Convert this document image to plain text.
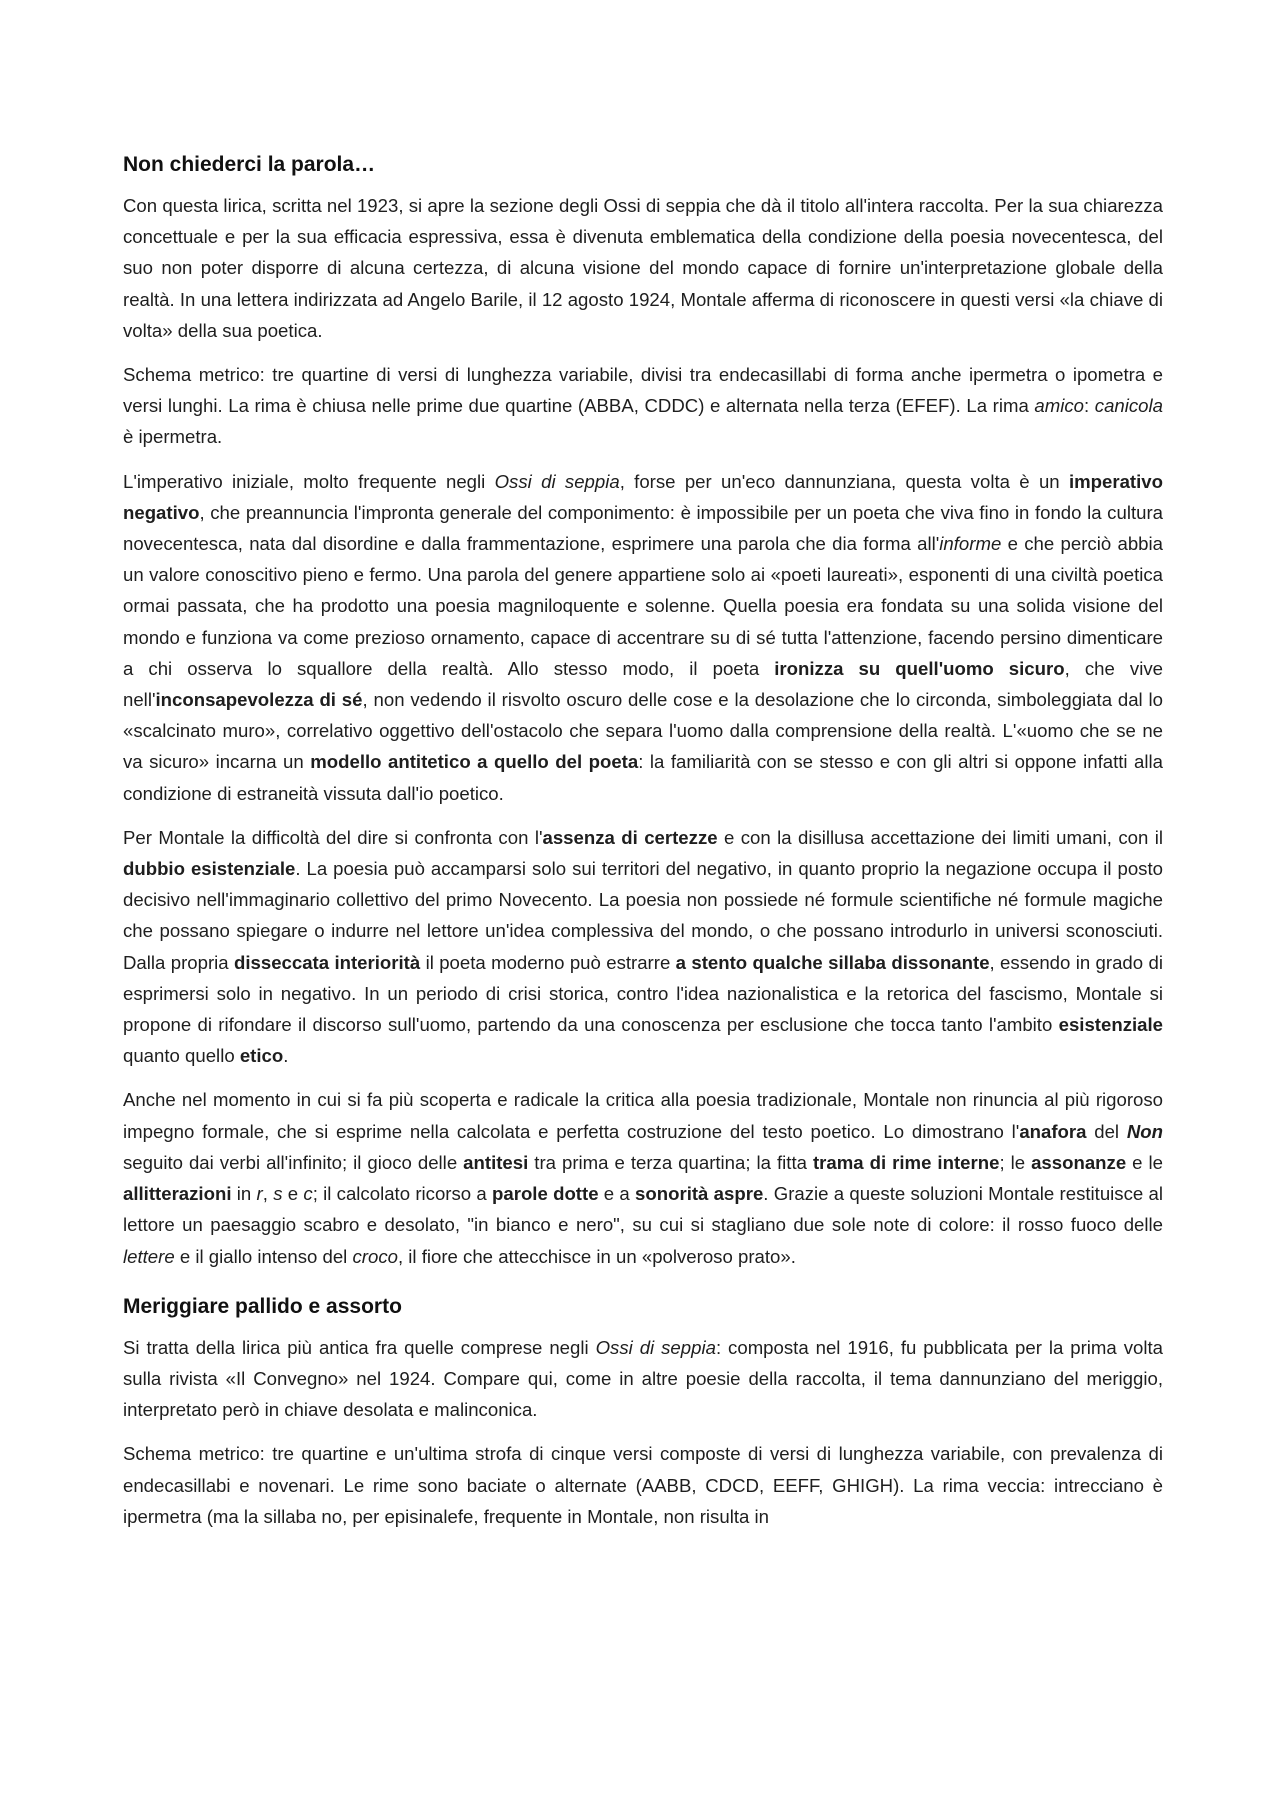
Non chiederci la parola…

Con questa lirica, scritta nel 1923, si apre la sezione degli Ossi di seppia che dà il titolo all'intera raccolta. Per la sua chiarezza concettuale e per la sua efficacia espressiva, essa è divenuta emblematica della condizione della poesia novecentesca, del suo non poter disporre di alcuna certezza, di alcuna visione del mondo capace di fornire un'interpretazione globale della realtà. In una lettera indirizzata ad Angelo Barile, il 12 agosto 1924, Montale afferma di riconoscere in questi versi «la chiave di volta» della sua poetica.

Schema metrico: tre quartine di versi di lunghezza variabile, divisi tra endecasillabi di forma anche ipermetra o ipometra e versi lunghi. La rima è chiusa nelle prime due quartine (ABBA, CDDC) e alternata nella terza (EFEF). La rima amico: canicola è ipermetra.

L'imperativo iniziale, molto frequente negli Ossi di seppia, forse per un'eco dannunziana, questa volta è un imperativo negativo, che preannuncia l'impronta generale del componimento: è impossibile per un poeta che viva fino in fondo la cultura novecentesca, nata dal disordine e dalla frammentazione, esprimere una parola che dia forma all'informe e che perciò abbia un valore conoscitivo pieno e fermo. Una parola del genere appartiene solo ai «poeti laureati», esponenti di una civiltà poetica ormai passata, che ha prodotto una poesia magniloquente e solenne. Quella poesia era fondata su una solida visione del mondo e funziona va come prezioso ornamento, capace di accentrare su di sé tutta l'attenzione, facendo persino dimenticare a chi osserva lo squallore della realtà. Allo stesso modo, il poeta ironizza su quell'uomo sicuro, che vive nell'inconsapevolezza di sé, non vedendo il risvolto oscuro delle cose e la desolazione che lo circonda, simboleggiata dal lo «scalcinato muro», correlativo oggettivo dell'ostacolo che separa l'uomo dalla comprensione della realtà. L'«uomo che se ne va sicuro» incarna un modello antitetico a quello del poeta: la familiarità con se stesso e con gli altri si oppone infatti alla condizione di estraneità vissuta dall'io poetico.

Per Montale la difficoltà del dire si confronta con l'assenza di certezze e con la disillusa accettazione dei limiti umani, con il dubbio esistenziale. La poesia può accamparsi solo sui territori del negativo, in quanto proprio la negazione occupa il posto decisivo nell'immaginario collettivo del primo Novecento. La poesia non possiede né formule scientifiche né formule magiche che possano spiegare o indurre nel lettore un'idea complessiva del mondo, o che possano introdurlo in universi sconosciuti. Dalla propria disseccata interiorità il poeta moderno può estrarre a stento qualche sillaba dissonante, essendo in grado di esprimersi solo in negativo. In un periodo di crisi storica, contro l'idea nazionalistica e la retorica del fascismo, Montale si propone di rifondare il discorso sull'uomo, partendo da una conoscenza per esclusione che tocca tanto l'ambito esistenziale quanto quello etico.

Anche nel momento in cui si fa più scoperta e radicale la critica alla poesia tradizionale, Montale non rinuncia al più rigoroso impegno formale, che si esprime nella calcolata e perfetta costruzione del testo poetico. Lo dimostrano l'anafora del Non seguito dai verbi all'infinito; il gioco delle antitesi tra prima e terza quartina; la fitta trama di rime interne; le assonanze e le allitterazioni in r, s e c; il calcolato ricorso a parole dotte e a sonorità aspre. Grazie a queste soluzioni Montale restituisce al lettore un paesaggio scabro e desolato, "in bianco e nero", su cui si stagliano due sole note di colore: il rosso fuoco delle lettere e il giallo intenso del croco, il fiore che attecchisce in un «polveroso prato».

Meriggiare pallido e assorto

Si tratta della lirica più antica fra quelle comprese negli Ossi di seppia: composta nel 1916, fu pubblicata per la prima volta sulla rivista «Il Convegno» nel 1924. Compare qui, come in altre poesie della raccolta, il tema dannunziano del meriggio, interpretato però in chiave desolata e malinconica.

Schema metrico: tre quartine e un'ultima strofa di cinque versi composte di versi di lunghezza variabile, con prevalenza di endecasillabi e novenari. Le rime sono baciate o alternate (AABB, CDCD, EEFF, GHIGH). La rima veccia: intrecciano è ipermetra (ma la sillaba no, per episinalefe, frequente in Montale, non risulta in
